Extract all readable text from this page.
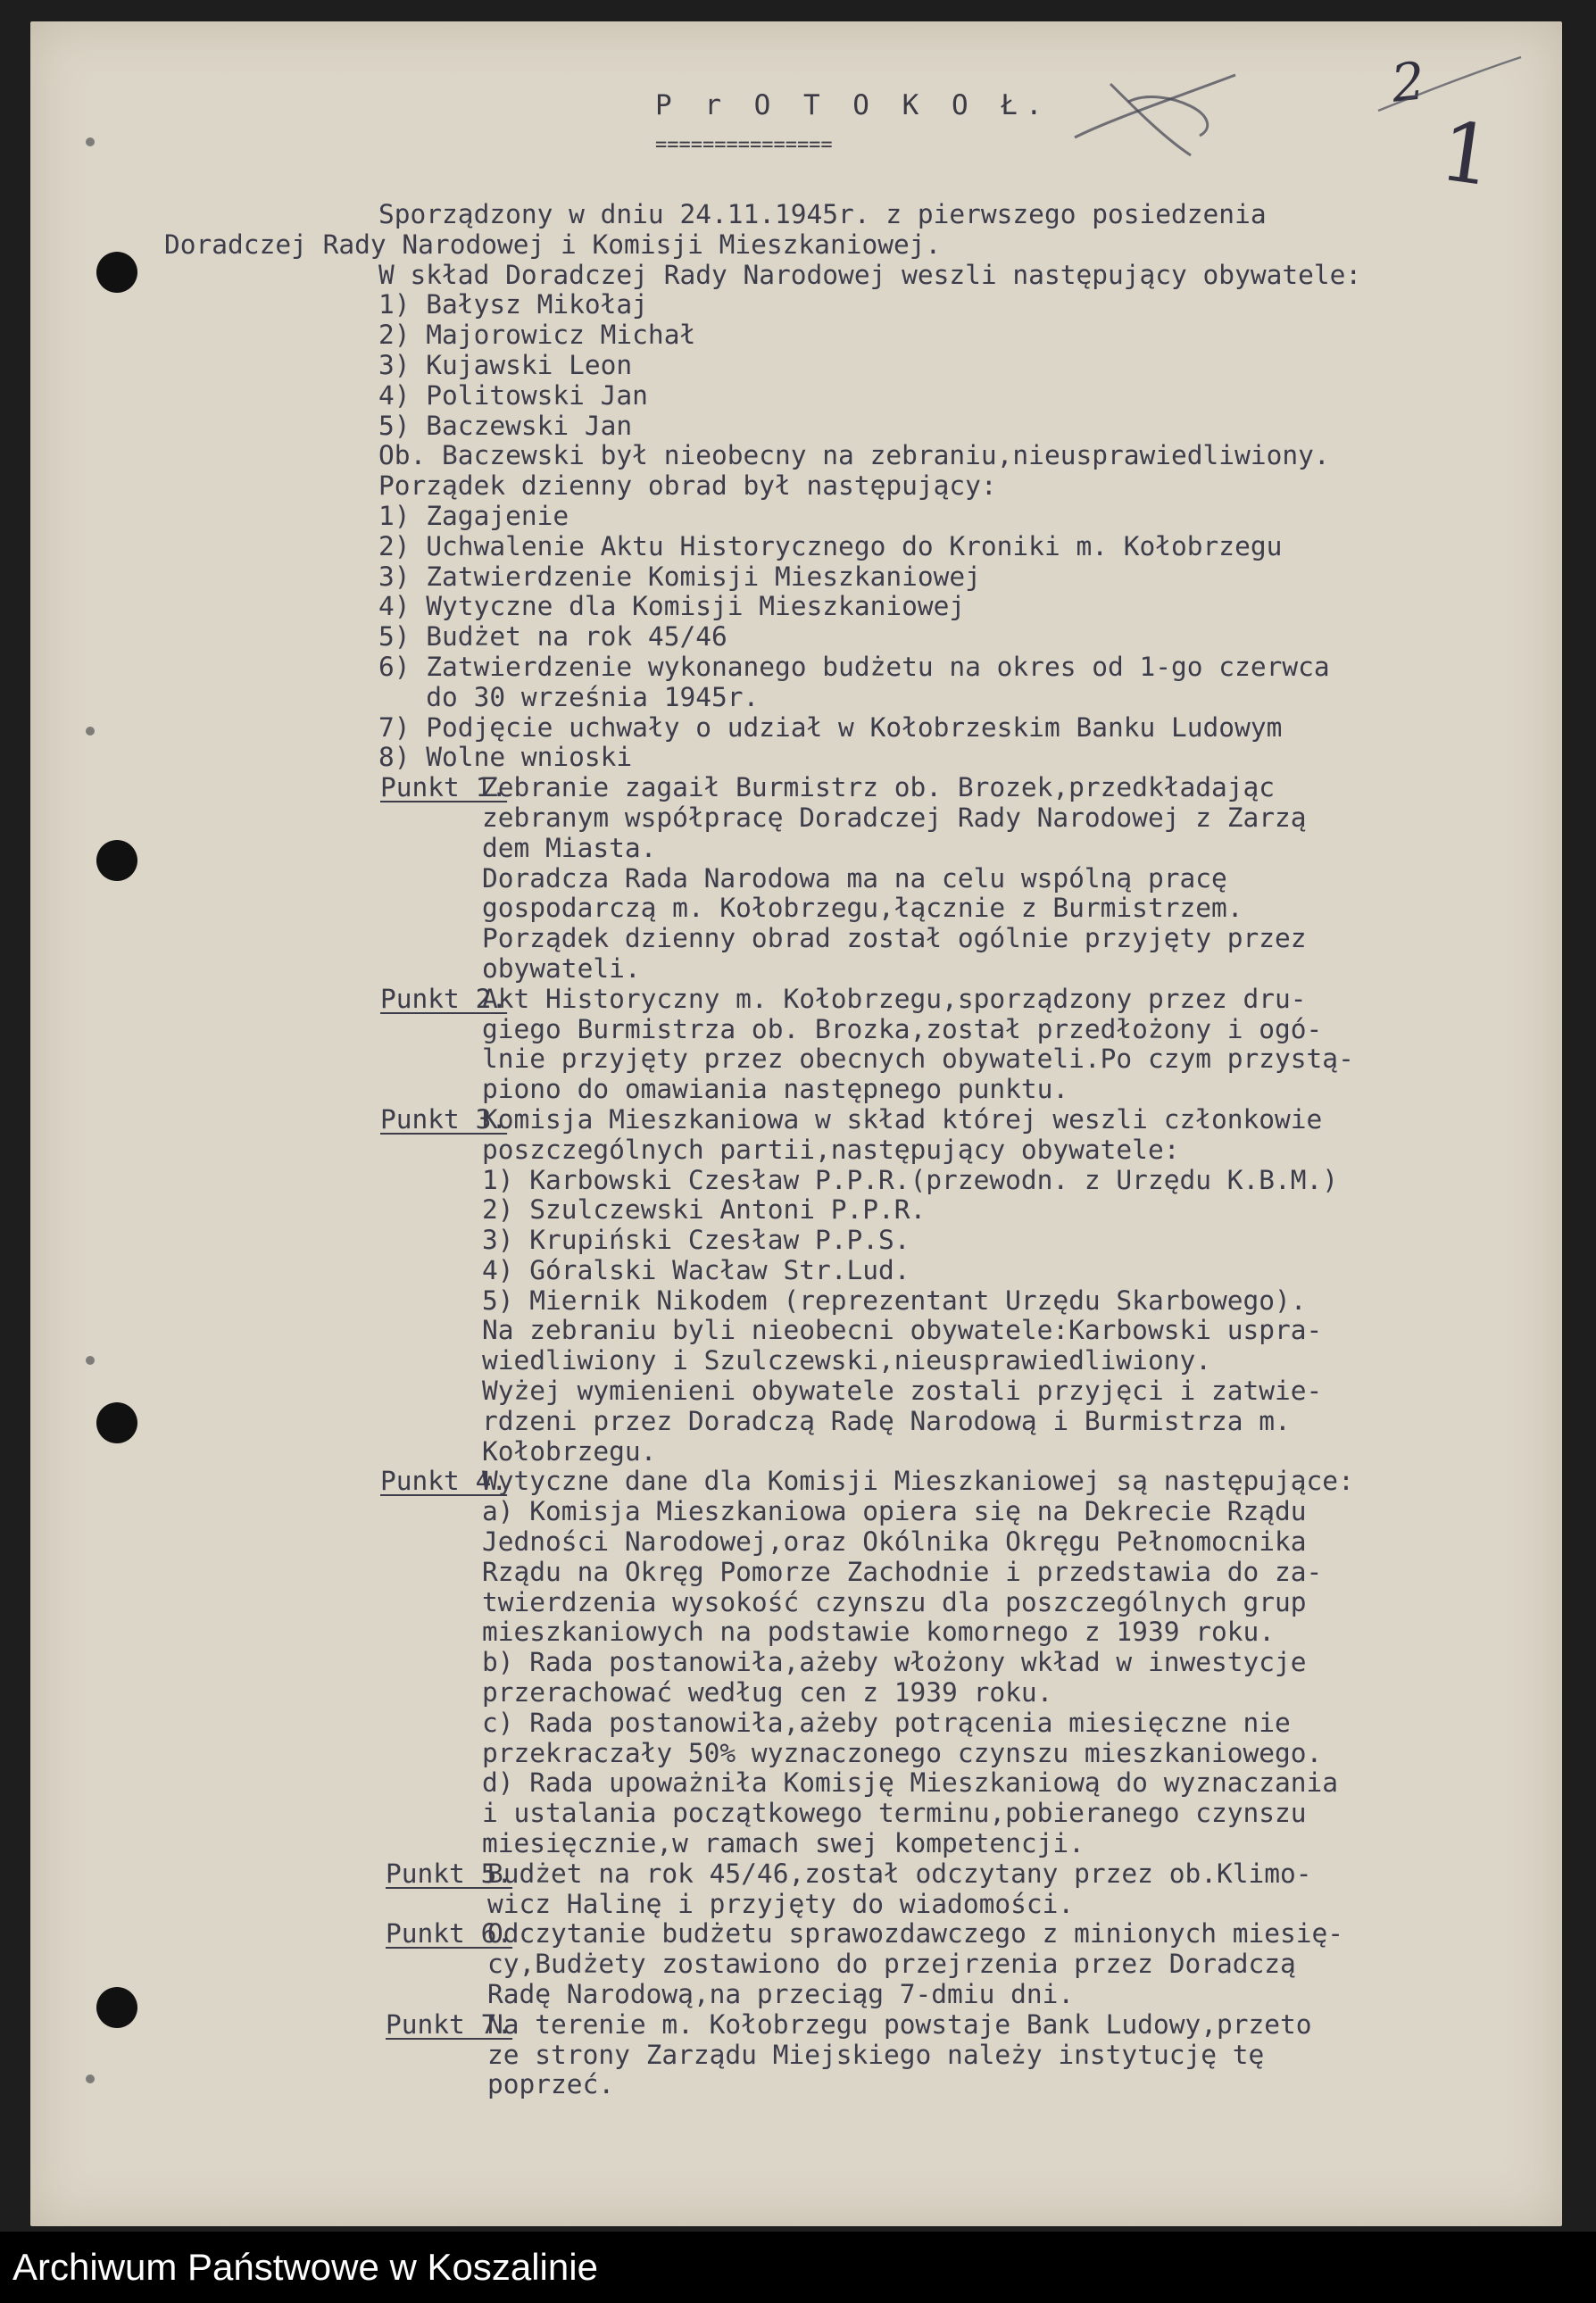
P r O T O K O Ł.
===============
2
1
Sporządzony w dniu 24.11.1945r. z pierwszego posiedzenia
Doradczej Rady Narodowej i Komisji Mieszkaniowej.
W skład Doradczej Rady Narodowej weszli następujący obywatele:
1) Bałysz Mikołaj
2) Majorowicz Michał
3) Kujawski Leon
4) Politowski Jan
5) Baczewski Jan
Ob. Baczewski był nieobecny na zebraniu,nieusprawiedliwiony.
Porządek dzienny obrad był następujący:
1) Zagajenie
2) Uchwalenie Aktu Historycznego do Kroniki m. Kołobrzegu
3) Zatwierdzenie Komisji Mieszkaniowej
4) Wytyczne dla Komisji Mieszkaniowej
5) Budżet na rok 45/46
6) Zatwierdzenie wykonanego budżetu na okres od 1-go czerwca
do 30 września 1945r.
7) Podjęcie uchwały o udział w Kołobrzeskim Banku Ludowym
8) Wolne wnioski
Punkt 1.
Zebranie zagaił Burmistrz ob. Brozek,przedkładając
zebranym współpracę Doradczej Rady Narodowej z Zarzą
dem Miasta.
Doradcza Rada Narodowa ma na celu wspólną pracę
gospodarczą m. Kołobrzegu,łącznie z Burmistrzem.
Porządek dzienny obrad został ogólnie przyjęty przez
obywateli.
Punkt 2.
Akt Historyczny m. Kołobrzegu,sporządzony przez dru-
giego Burmistrza ob. Brozka,został przedłożony i ogó-
lnie przyjęty przez obecnych obywateli.Po czym przystą-
piono do omawiania następnego punktu.
Punkt 3.
Komisja Mieszkaniowa w skład której weszli członkowie
poszczególnych partii,następujący obywatele:
1) Karbowski Czesław P.P.R.(przewodn. z Urzędu K.B.M.)
2) Szulczewski Antoni P.P.R.
3) Krupiński Czesław P.P.S.
4) Góralski Wacław Str.Lud.
5) Miernik Nikodem (reprezentant Urzędu Skarbowego).
Na zebraniu byli nieobecni obywatele:Karbowski uspra-
wiedliwiony i Szulczewski,nieusprawiedliwiony.
Wyżej wymienieni obywatele zostali przyjęci i zatwie-
rdzeni przez Doradczą Radę Narodową i Burmistrza m.
Kołobrzegu.
Punkt 4.
Wytyczne dane dla Komisji Mieszkaniowej są następujące:
a) Komisja Mieszkaniowa opiera się na Dekrecie Rządu
Jedności Narodowej,oraz Okólnika Okręgu Pełnomocnika
Rządu na Okręg Pomorze Zachodnie i przedstawia do za-
twierdzenia wysokość czynszu dla poszczególnych grup
mieszkaniowych na podstawie komornego z 1939 roku.
b) Rada postanowiła,ażeby włożony wkład w inwestycje
przerachować według cen z 1939 roku.
c) Rada postanowiła,ażeby potrącenia miesięczne nie
przekraczały 50% wyznaczonego czynszu mieszkaniowego.
d) Rada upoważniła Komisję Mieszkaniową do wyznaczania
i ustalania początkowego terminu,pobieranego czynszu
miesięcznie,w ramach swej kompetencji.
Punkt 5.
Budżet na rok 45/46,został odczytany przez ob.Klimo-
wicz Halinę i przyjęty do wiadomości.
Punkt 6.
Odczytanie budżetu sprawozdawczego z minionych miesię-
cy,Budżety zostawiono do przejrzenia przez Doradczą
Radę Narodową,na przeciąg 7-dmiu dni.
Punkt 7.
Na terenie m. Kołobrzegu powstaje Bank Ludowy,przeto
ze strony Zarządu Miejskiego należy instytucję tę
poprzeć.
Archiwum Państwowe w Koszalinie
